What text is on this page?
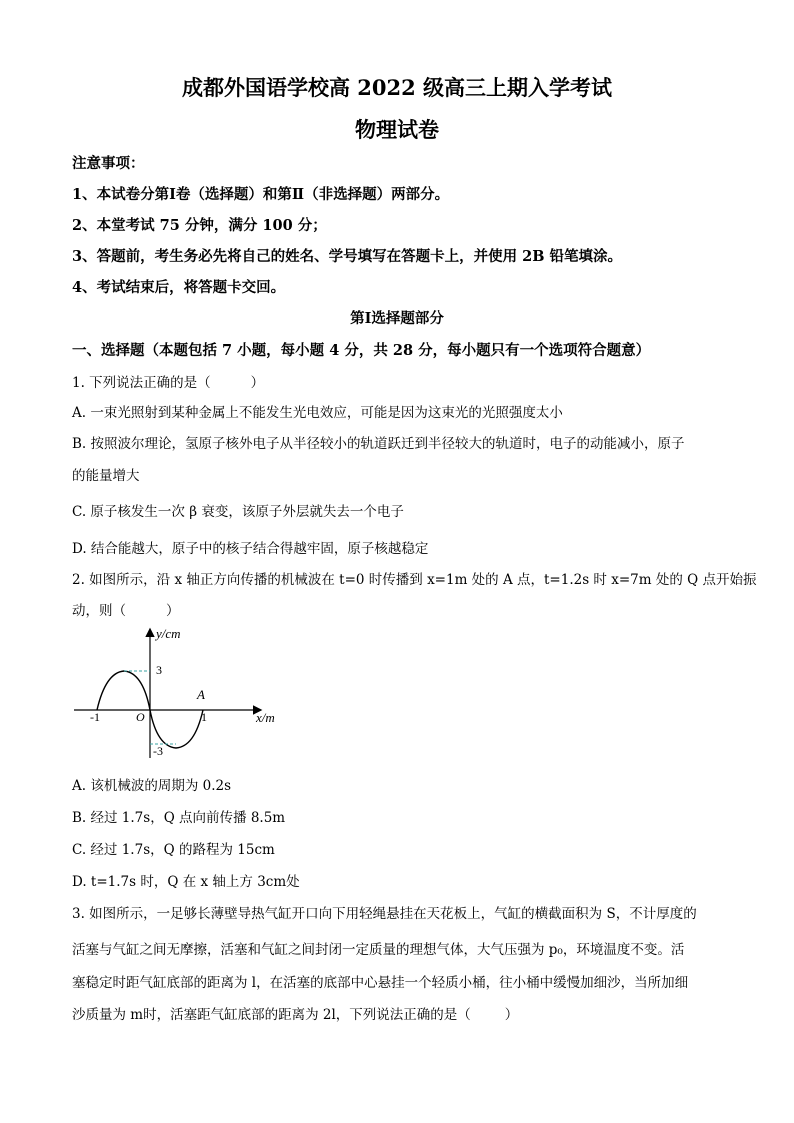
成都外国语学校高 2022 级高三上期入学考试
物理试卷
注意事项：
1、本试卷分第Ⅰ卷（选择题）和第Ⅱ（非选择题）两部分。
2、本堂考试 75 分钟，满分 100 分；
3、答题前，考生务必先将自己的姓名、学号填写在答题卡上，并使用 2B 铅笔填涂。
4、考试结束后，将答题卡交回。
第Ⅰ选择题部分
一、选择题（本题包括 7 小题，每小题 4 分，共 28 分，每小题只有一个选项符合题意）
1. 下列说法正确的是（	）
A. 一束光照射到某种金属上不能发生光电效应，可能是因为这束光的光照强度太小
B. 按照波尔理论，氢原子核外电子从半径较小的轨道跃迁到半径较大的轨道时，电子的动能减小，原子
的能量增大
C. 原子核发生一次 β 衰变，该原子外层就失去一个电子
D. 结合能越大，原子中的核子结合得越牢固，原子核越稳定
2. 如图所示，沿 x 轴正方向传播的机械波在 t=0 时传播到 x=1m 处的 A 点，t=1.2s 时 x=7m 处的 Q 点开始振
动，则（	）
y/cm
x/m
O
A
-1	1
3
-3
A. 该机械波的周期为 0.2s
B. 经过 1.7s，Q 点向前传播 8.5m
C. 经过 1.7s，Q 的路程为 15cm
D. t=1.7s 时，Q 在 x 轴上方 3cm处
3. 如图所示，一足够长薄壁导热气缸开口向下用轻绳悬挂在天花板上，气缸的横截面积为 S，不计厚度的
活塞与气缸之间无摩擦，活塞和气缸之间封闭一定质量的理想气体，大气压强为 p₀，环境温度不变。活
塞稳定时距气缸底部的距离为 l，在活塞的底部中心悬挂一个轻质小桶，往小桶中缓慢加细沙，当所加细
沙质量为 m时，活塞距气缸底部的距离为 2l，下列说法正确的是（	）
